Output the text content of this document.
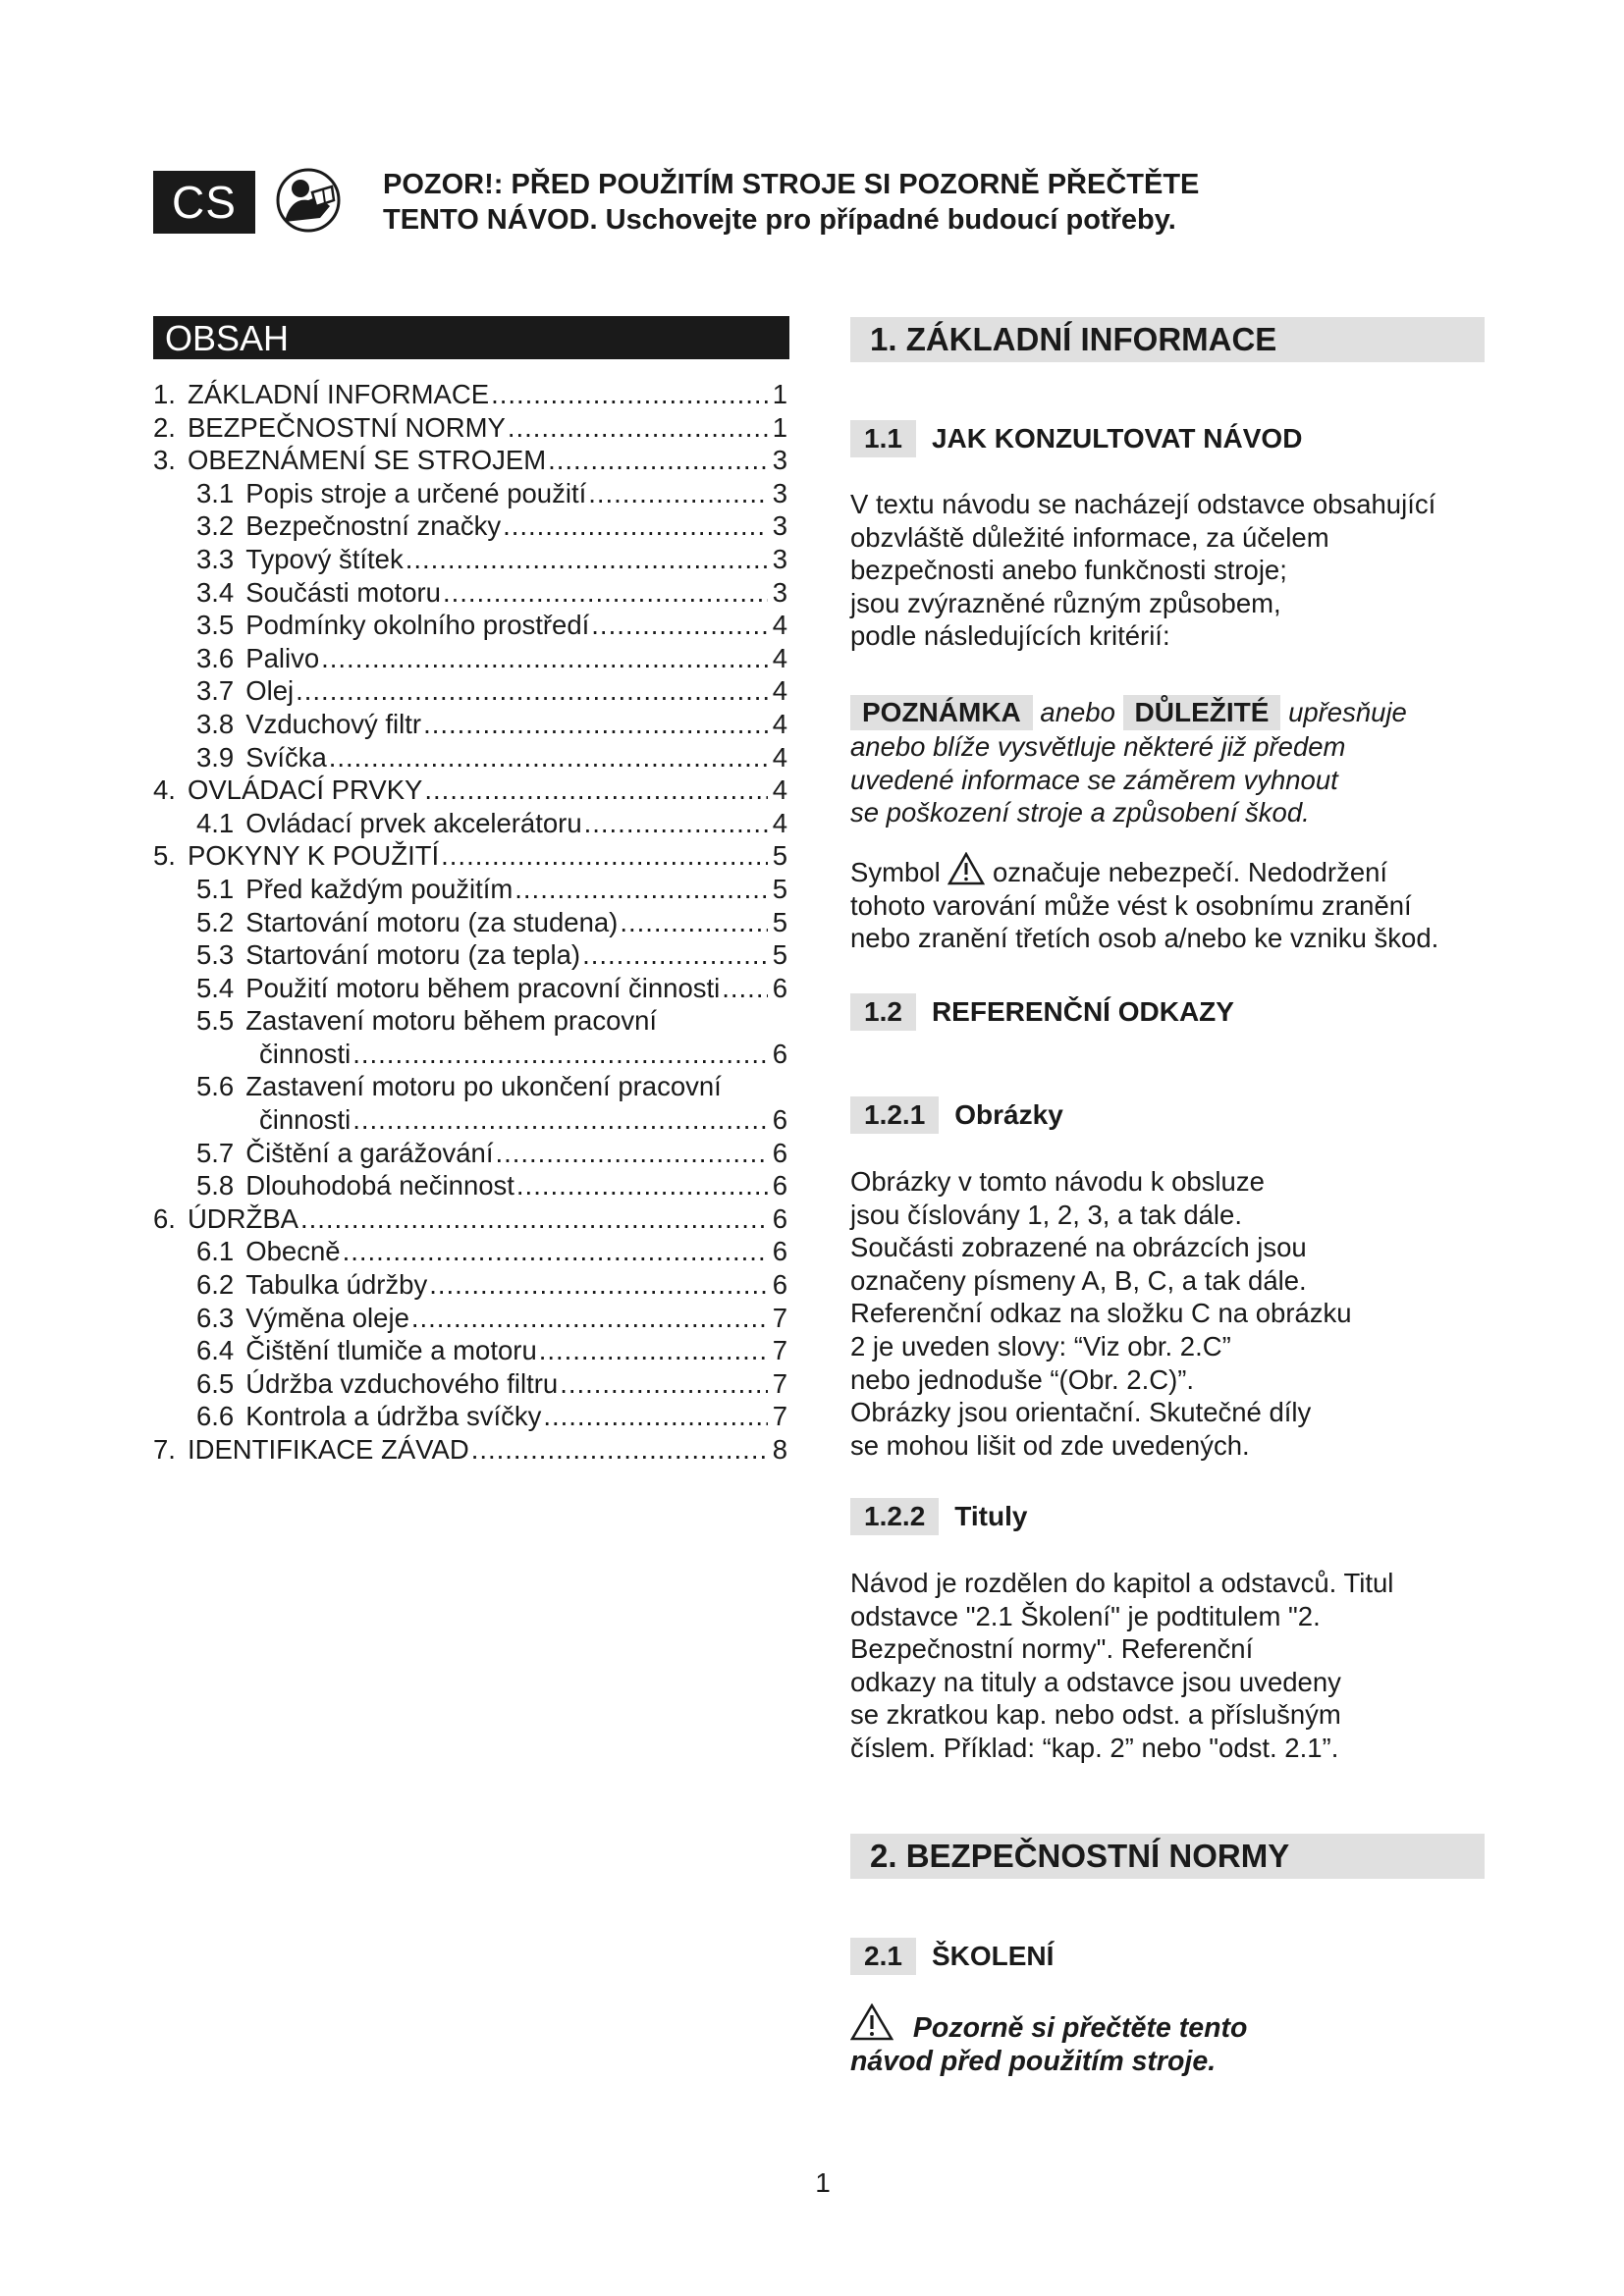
CS	POZOR!: PŘED POUŽITÍM STROJE SI POZORNĚ PŘEČTĚTE
TENTO NÁVOD. Uschovejte pro případné budoucí potřeby.
OBSAH
1. ZÁKLADNÍ INFORMACE .....	1
2. BEZPEČNOSTNÍ NORMY .....	1
3. OBEZNÁMENÍ SE STROJEM .....	3
3.1 Popis stroje a určené použití .....	3
3.2 Bezpečnostní značky .....	3
3.3 Typový štítek .....	3
3.4 Součásti motoru .....	3
3.5 Podmínky okolního prostředí .....	4
3.6 Palivo .....	4
3.7 Olej .....	4
3.8 Vzduchový filtr .....	4
3.9 Svíčka .....	4
4. OVLÁDACÍ PRVKY .....	4
4.1 Ovládací prvek akcelerátoru .....	4
5. POKYNY K POUŽITÍ .....	5
5.1 Před každým použitím .....	5
5.2 Startování motoru (za studena) .....	5
5.3 Startování motoru (za tepla) .....	5
5.4 Použití motoru během pracovní činnosti ..... 6
5.5 Zastavení motoru během pracovní
činnosti .....	6
5.6 Zastavení motoru po ukončení pracovní
činnosti .....	6
5.7 Čištění a garážování .....	6
5.8 Dlouhodobá nečinnost .....	6
6. ÚDRŽBA .....	6
6.1 Obecně .....	6
6.2 Tabulka údržby .....	6
6.3 Výměna oleje .....	7
6.4 Čištění tlumiče a motoru .....	7
6.5 Údržba vzduchového filtru .....	7
6.6 Kontrola a údržba svíčky .....	7
7. IDENTIFIKACE ZÁVAD .....	8
1. ZÁKLADNÍ INFORMACE
1.1	JAK KONZULTOVAT NÁVOD

V textu návodu se nacházejí odstavce obsahující

obzvláště důležité informace, za účelem

bezpečnosti anebo funkčnosti stroje;

jsou zvýrazněné různým způsobem,

podle následujících kritérií:

POZNÁMKA anebo DŮLEŽITÉ upřesňuje

anebo blíže vysvětluje některé již předem

uvedené informace se záměrem vyhnout

se poškození stroje a způsobení škod.

Symbol označuje nebezpečí. Nedodržení

tohoto varování může vést k osobnímu zranění

nebo zranění třetích osob a/nebo ke vzniku škod.

1.2	REFERENČNÍ ODKAZY
1.2.1	Obrázky

Obrázky v tomto návodu k obsluze

jsou číslovány 1, 2, 3, a tak dále.

Součásti zobrazené na obrázcích jsou

označeny písmeny A, B, C, a tak dále.

Referenční odkaz na složku C na obrázku

2 je uveden slovy: “Viz obr. 2.C”

nebo jednoduše “(Obr. 2.C)”.

Obrázky jsou orientační. Skutečné díly

se mohou lišit od zde uvedených.

1.2.2	Tituly

Návod je rozdělen do kapitol a odstavců. Titul

odstavce "2.1 Školení" je podtitulem "2.

Bezpečnostní normy". Referenční

odkazy na tituly a odstavce jsou uvedeny

se zkratkou kap. nebo odst. a příslušným

číslem. Příklad: “kap. 2” nebo "odst. 2.1”.

2. BEZPEČNOSTNÍ NORMY
2.1	ŠKOLENÍ
Pozorně si přečtěte tento
návod před použitím stroje.
1
